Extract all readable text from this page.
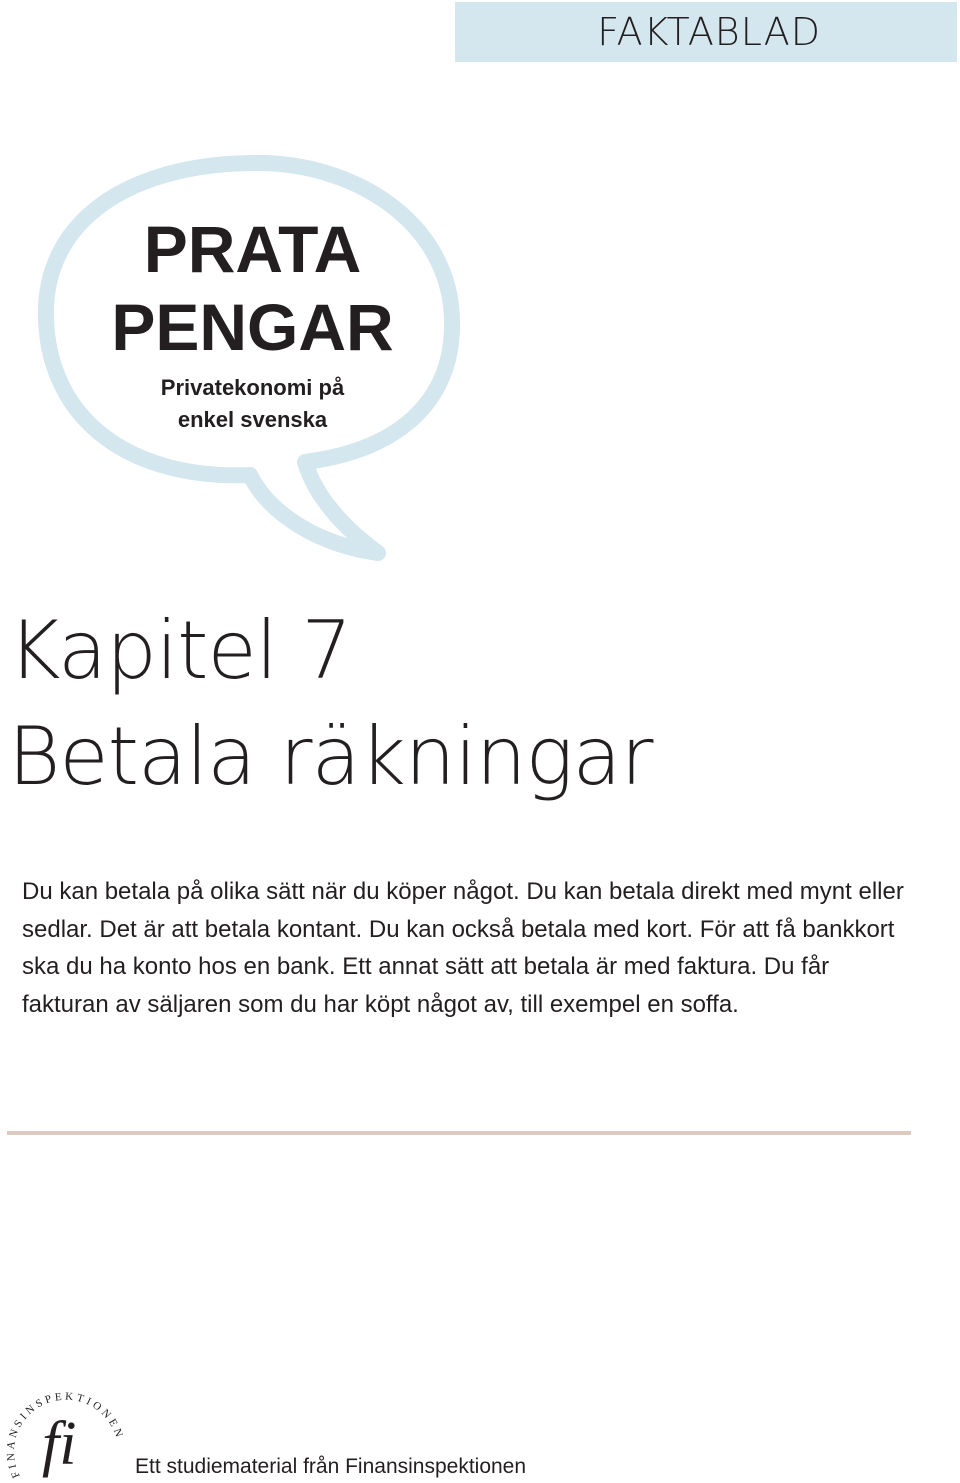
FAKTABLAD
PRATA
PENGAR
Privatekonomi på
enkel svenska
Kapitel 7
Betala räkningar
Du kan betala på olika sätt när du köper något. Du kan betala direkt med mynt eller sedlar. Det är att betala kontant. Du kan också betala med kort. För att få bankkort ska du ha konto hos en bank. Ett annat sätt att betala är med faktura. Du får fakturan av säljaren som du har köpt något av, till exempel en soffa.
FINANSINSPEKTIONEN
fi	Ett studiematerial från Finansinspektionen
